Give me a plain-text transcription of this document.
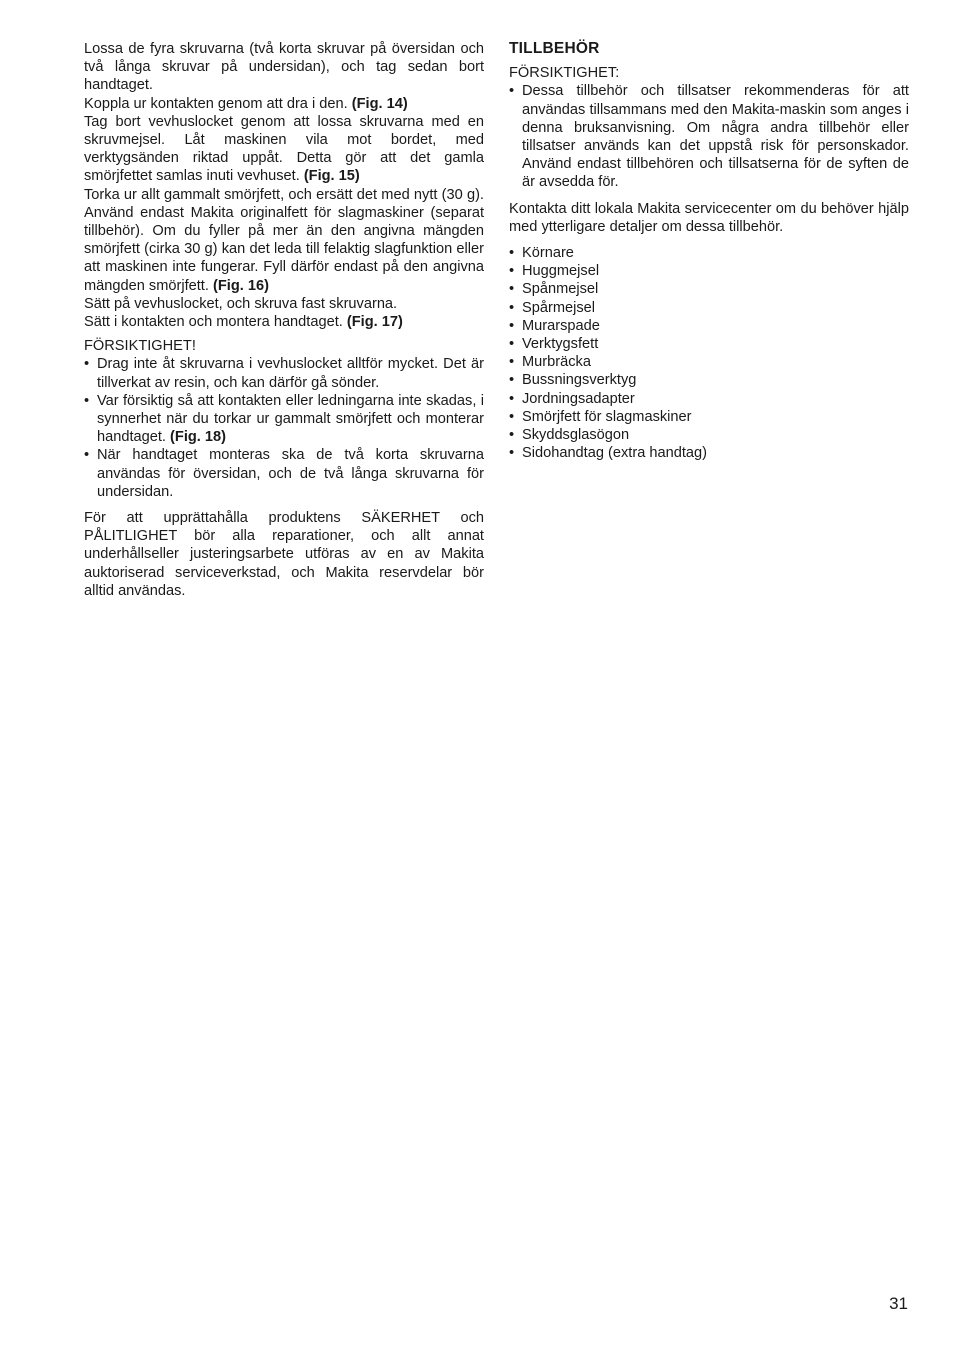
Lossa de fyra skruvarna (två korta skruvar på översidan och två långa skruvar på undersidan), och tag sedan bort handtaget.

Koppla ur kontakten genom att dra i den. (Fig. 14)

Tag bort vevhuslocket genom att lossa skruvarna med en skruvmejsel. Låt maskinen vila mot bordet, med verktygsänden riktad uppåt. Detta gör att det gamla smörjfettet samlas inuti vevhuset. (Fig. 15)

Torka ur allt gammalt smörjfett, och ersätt det med nytt (30 g). Använd endast Makita originalfett för slagmaskiner (separat tillbehör). Om du fyller på mer än den angivna mängden smörjfett (cirka 30 g) kan det leda till felaktig slagfunktion eller att maskinen inte fungerar. Fyll därför endast på den angivna mängden smörjfett. (Fig. 16)

Sätt på vevhuslocket, och skruva fast skruvarna.

Sätt i kontakten och montera handtaget. (Fig. 17)

FÖRSIKTIGHET!

• Drag inte åt skruvarna i vevhuslocket alltför mycket. Det är tillverkat av resin, och kan därför gå sönder.
• Var försiktig så att kontakten eller ledningarna inte skadas, i synnerhet när du torkar ur gammalt smörjfett och monterar handtaget. (Fig. 18)
• När handtaget monteras ska de två korta skruvarna användas för översidan, och de två långa skruvarna för undersidan.

För att upprättahålla produktens SÄKERHET och PÅLITLIGHET bör alla reparationer, och allt annat underhållseller justeringsarbete utföras av en av Makita auktoriserad serviceverkstad, och Makita reservdelar bör alltid användas.

TILLBEHÖR

FÖRSIKTIGHET:

• Dessa tillbehör och tillsatser rekommenderas för att användas tillsammans med den Makita-maskin som anges i denna bruksanvisning. Om några andra tillbehör eller tillsatser används kan det uppstå risk för personskador. Använd endast tillbehören och tillsatserna för de syften de är avsedda för.

Kontakta ditt lokala Makita servicecenter om du behöver hjälp med ytterligare detaljer om dessa tillbehör.

• Körnare
• Huggmejsel
• Spånmejsel
• Spårmejsel
• Murarspade
• Verktygsfett
• Murbräcka
• Bussningsverktyg
• Jordningsadapter
• Smörjfett för slagmaskiner
• Skyddsglasögon
• Sidohandtag (extra handtag)
31
